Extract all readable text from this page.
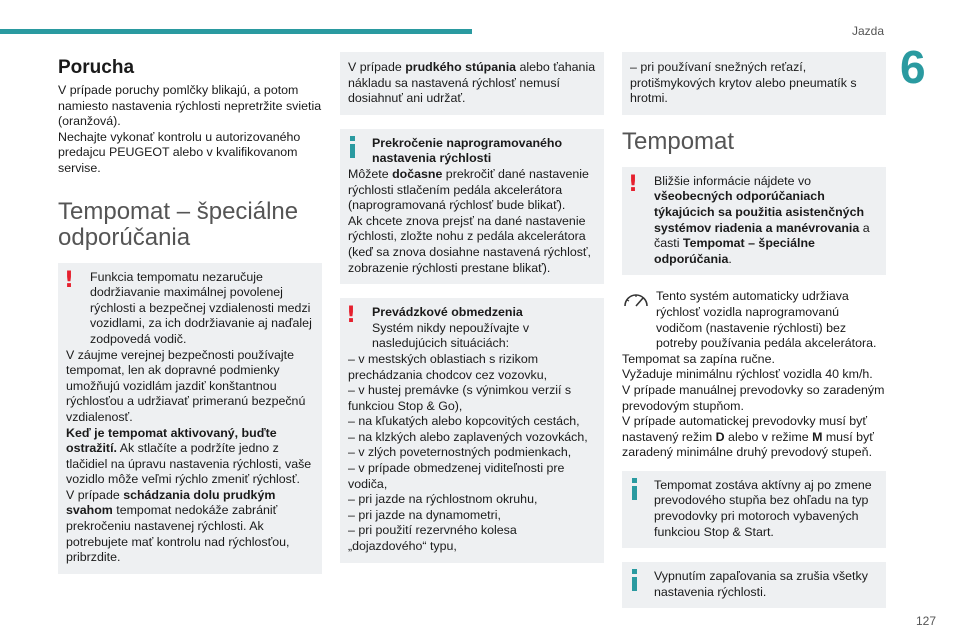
Jazda
6
127
Porucha

V prípade poruchy pomlčky blikajú, a potom namiesto nastavenia rýchlosti nepretržite svietia (oranžová).

Nechajte vykonať kontrolu u autorizovaného predajcu PEUGEOT alebo v kvalifikovanom servise.

Tempomat – špeciálne odporúčania
!	Funkcia tempomatu nezaručuje dodržiavanie maximálnej povolenej rýchlosti a bezpečnej vzdialenosti medzi vozidlami, za ich dodržiavanie aj naďalej zodpovedá vodič.

V záujme verejnej bezpečnosti používajte tempomat, len ak dopravné podmienky umožňujú vozidlám jazdiť konštantnou rýchlosťou a udržiavať primeranú bezpečnú vzdialenosť.

Keď je tempomat aktivovaný, buďte ostražití. Ak stlačíte a podržíte jedno z tlačidiel na úpravu nastavenia rýchlosti, vaše vozidlo môže veľmi rýchlo zmeniť rýchlosť.

V prípade schádzania dolu prudkým svahom tempomat nedokáže zabrániť prekročeniu nastavenej rýchlosti. Ak potrebujete mať kontrolu nad rýchlosťou, pribrzdite.

V prípade prudkého stúpania alebo ťahania nákladu sa nastavená rýchlosť nemusí dosiahnuť ani udržať.

Prekročenie naprogramovaného nastavenia rýchlosti

Môžete dočasne prekročiť dané nastavenie rýchlosti stlačením pedála akcelerátora (naprogramovaná rýchlosť bude blikať).

Ak chcete znova prejsť na dané nastavenie rýchlosti, zložte nohu z pedála akcelerátora (keď sa znova dosiahne nastavená rýchlosť, zobrazenie rýchlosti prestane blikať).

!	Prevádzkové obmedzenia

Systém nikdy nepoužívajte v nasledujúcich situáciách:

– v mestských oblastiach s rizikom prechádzania chodcov cez vozovku,

– v hustej premávke (s výnimkou verzií s funkciou Stop & Go),

– na kľukatých alebo kopcovitých cestách,

– na klzkých alebo zaplavených vozovkách,

– v zlých poveternostných podmienkach,

– v prípade obmedzenej viditeľnosti pre vodiča,

– pri jazde na rýchlostnom okruhu,

– pri jazde na dynamometri,

– pri použití rezervného kolesa „dojazdového“ typu,

– pri používaní snežných reťazí, protišmykových krytov alebo pneumatík s hrotmi.

Tempomat
!	Bližšie informácie nájdete vo všeobecných odporúčaniach týkajúcich sa použitia asistenčných systémov riadenia a manévrovania a časti Tempomat – špeciálne odporúčania.

Tento systém automaticky udržiava rýchlosť vozidla naprogramovanú vodičom (nastavenie rýchlosti) bez potreby používania pedála akcelerátora.

Tempomat sa zapína ručne.

Vyžaduje minimálnu rýchlosť vozidla 40 km/h.

V prípade manuálnej prevodovky so zaradeným prevodovým stupňom.

V prípade automatickej prevodovky musí byť nastavený režim D alebo v režime M musí byť zaradený minimálne druhý prevodový stupeň.

Tempomat zostáva aktívny aj po zmene prevodového stupňa bez ohľadu na typ prevodovky pri motoroch vybavených funkciou Stop & Start.

Vypnutím zapaľovania sa zrušia všetky nastavenia rýchlosti.
